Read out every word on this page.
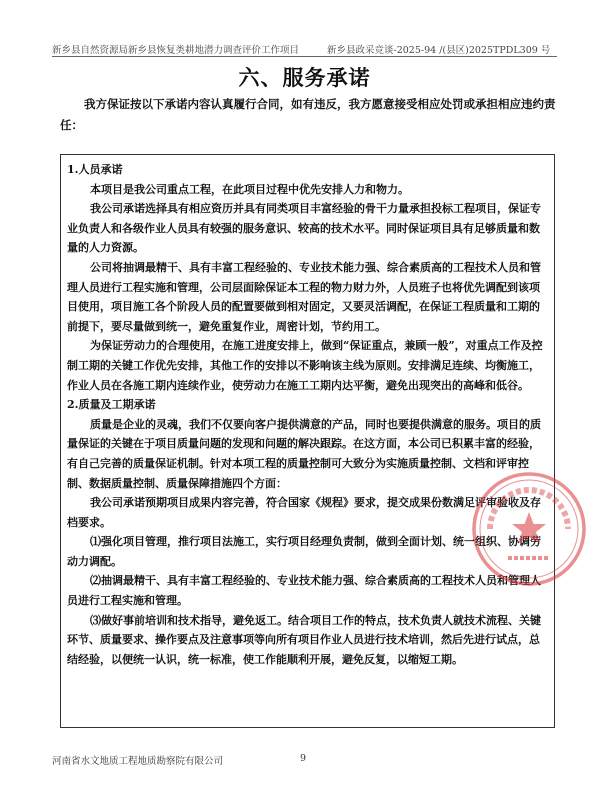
新乡县自然资源局新乡县恢复类耕地潜力调查评价工作项目	新乡县政采竞谈-2025-94 /(县区)2025TPDL309 号
六、服务承诺
我方保证按以下承诺内容认真履行合同，如有违反，我方愿意接受相应处罚或承担相应违约责任：

1.人员承诺

本项目是我公司重点工程，在此项目过程中优先安排人力和物力。

我公司承诺选择具有相应资历并具有同类项目丰富经验的骨干力量承担投标工程项目，保证专业负责人和各级作业人员具有较强的服务意识、较高的技术水平。同时保证项目具有足够质量和数量的人力资源。

公司将抽调最精干、具有丰富工程经验的、专业技术能力强、综合素质高的工程技术人员和管理人员进行工程实施和管理，公司层面除保证本工程的物力财力外，人员班子也将优先调配到该项目使用，项目施工各个阶段人员的配置要做到相对固定，又要灵活调配，在保证工程质量和工期的前提下，要尽量做到统一，避免重复作业，周密计划，节约用工。

为保证劳动力的合理使用，在施工进度安排上，做到“保证重点，兼顾一般”，对重点工作及控制工期的关键工作优先安排，其他工作的安排以不影响该主线为原则。安排满足连续、均衡施工，作业人员在各施工期内连续作业，使劳动力在施工工期内达平衡，避免出现突出的高峰和低谷。

2.质量及工期承诺

质量是企业的灵魂，我们不仅要向客户提供满意的产品，同时也要提供满意的服务。项目的质量保证的关键在于项目质量问题的发现和问题的解决跟踪。在这方面，本公司已积累丰富的经验，有自己完善的质量保证机制。针对本项工程的质量控制可大致分为实施质量控制、文档和评审控制、数据质量控制、质量保障措施四个方面：

我公司承诺预期项目成果内容完善，符合国家《规程》要求，提交成果份数满足评审验收及存档要求。

⑴强化项目管理，推行项目法施工，实行项目经理负责制，做到全面计划、统一组织、协调劳动力调配。

⑵抽调最精干、具有丰富工程经验的、专业技术能力强、综合素质高的工程技术人员和管理人员进行工程实施和管理。

⑶做好事前培训和技术指导，避免返工。结合项目工作的特点，技术负责人就技术流程、关键环节、质量要求、操作要点及注意事项等向所有项目作业人员进行技术培训，然后先进行试点，总结经验，以便统一认识，统一标准，使工作能顺利开展，避免反复，以缩短工期。

河南省水文地质工程地质勘察院有限公司	9
